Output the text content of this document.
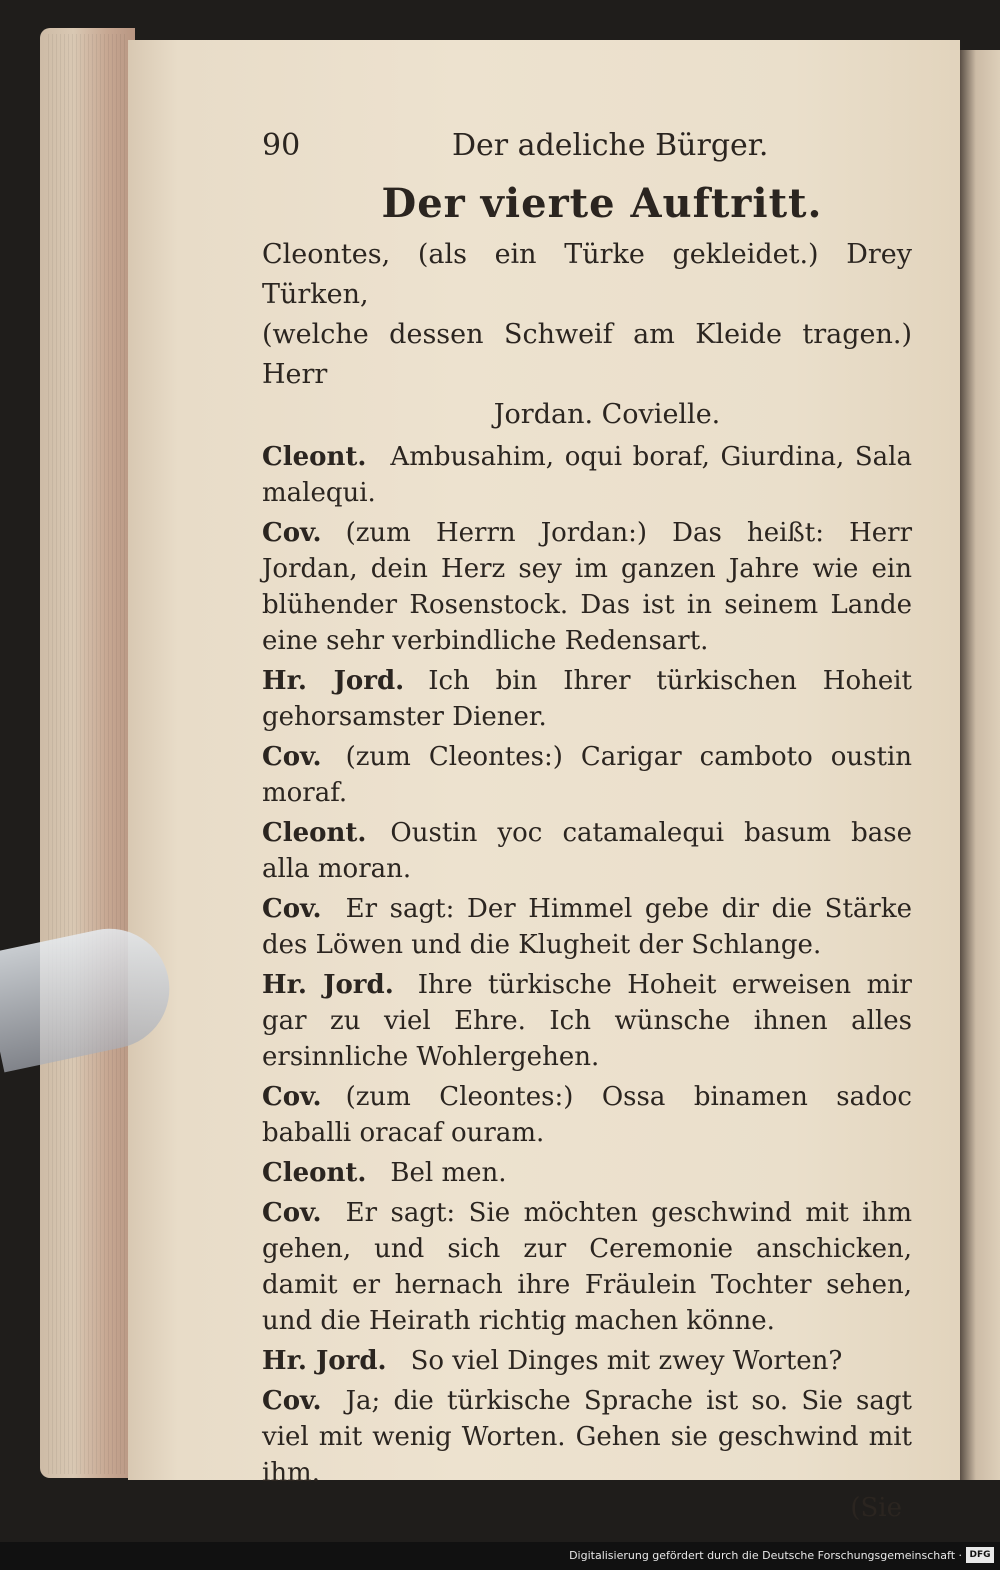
90	Der adeliche Bürger.
Der vierte Auftritt.
Cleontes, (als ein Türke gekleidet.) Drey Türken,
(welche dessen Schweif am Kleide tragen.) Herr
Jordan. Covielle.
Cleont. Ambusahim, oqui boraf, Giurdina, Sala malequi.
Cov. (zum Herrn Jordan:) Das heißt: Herr Jordan, dein Herz sey im ganzen Jahre wie ein blühender Rosenstock. Das ist in seinem Lande eine sehr verbindliche Redensart.
Hr. Jord. Ich bin Ihrer türkischen Hoheit gehorsamster Diener.
Cov. (zum Cleontes:) Carigar camboto oustin moraf.
Cleont. Oustin yoc catamalequi basum base alla moran.
Cov. Er sagt: Der Himmel gebe dir die Stärke des Löwen und die Klugheit der Schlange.
Hr. Jord. Ihre türkische Hoheit erweisen mir gar zu viel Ehre. Ich wünsche ihnen alles ersinnliche Wohlergehen.
Cov. (zum Cleontes:) Ossa binamen sadoc baballi oracaf ouram.
Cleont. Bel men.
Cov. Er sagt: Sie möchten geschwind mit ihm gehen, und sich zur Ceremonie anschicken, damit er hernach ihre Fräulein Tochter sehen, und die Heirath richtig machen könne.
Hr. Jord. So viel Dinges mit zwey Worten?
Cov. Ja; die türkische Sprache ist so. Sie sagt viel mit wenig Worten. Gehen sie geschwind mit ihm.
(Sie
Digitalisierung gefördert durch die Deutsche Forschungsgemeinschaft · DFG
